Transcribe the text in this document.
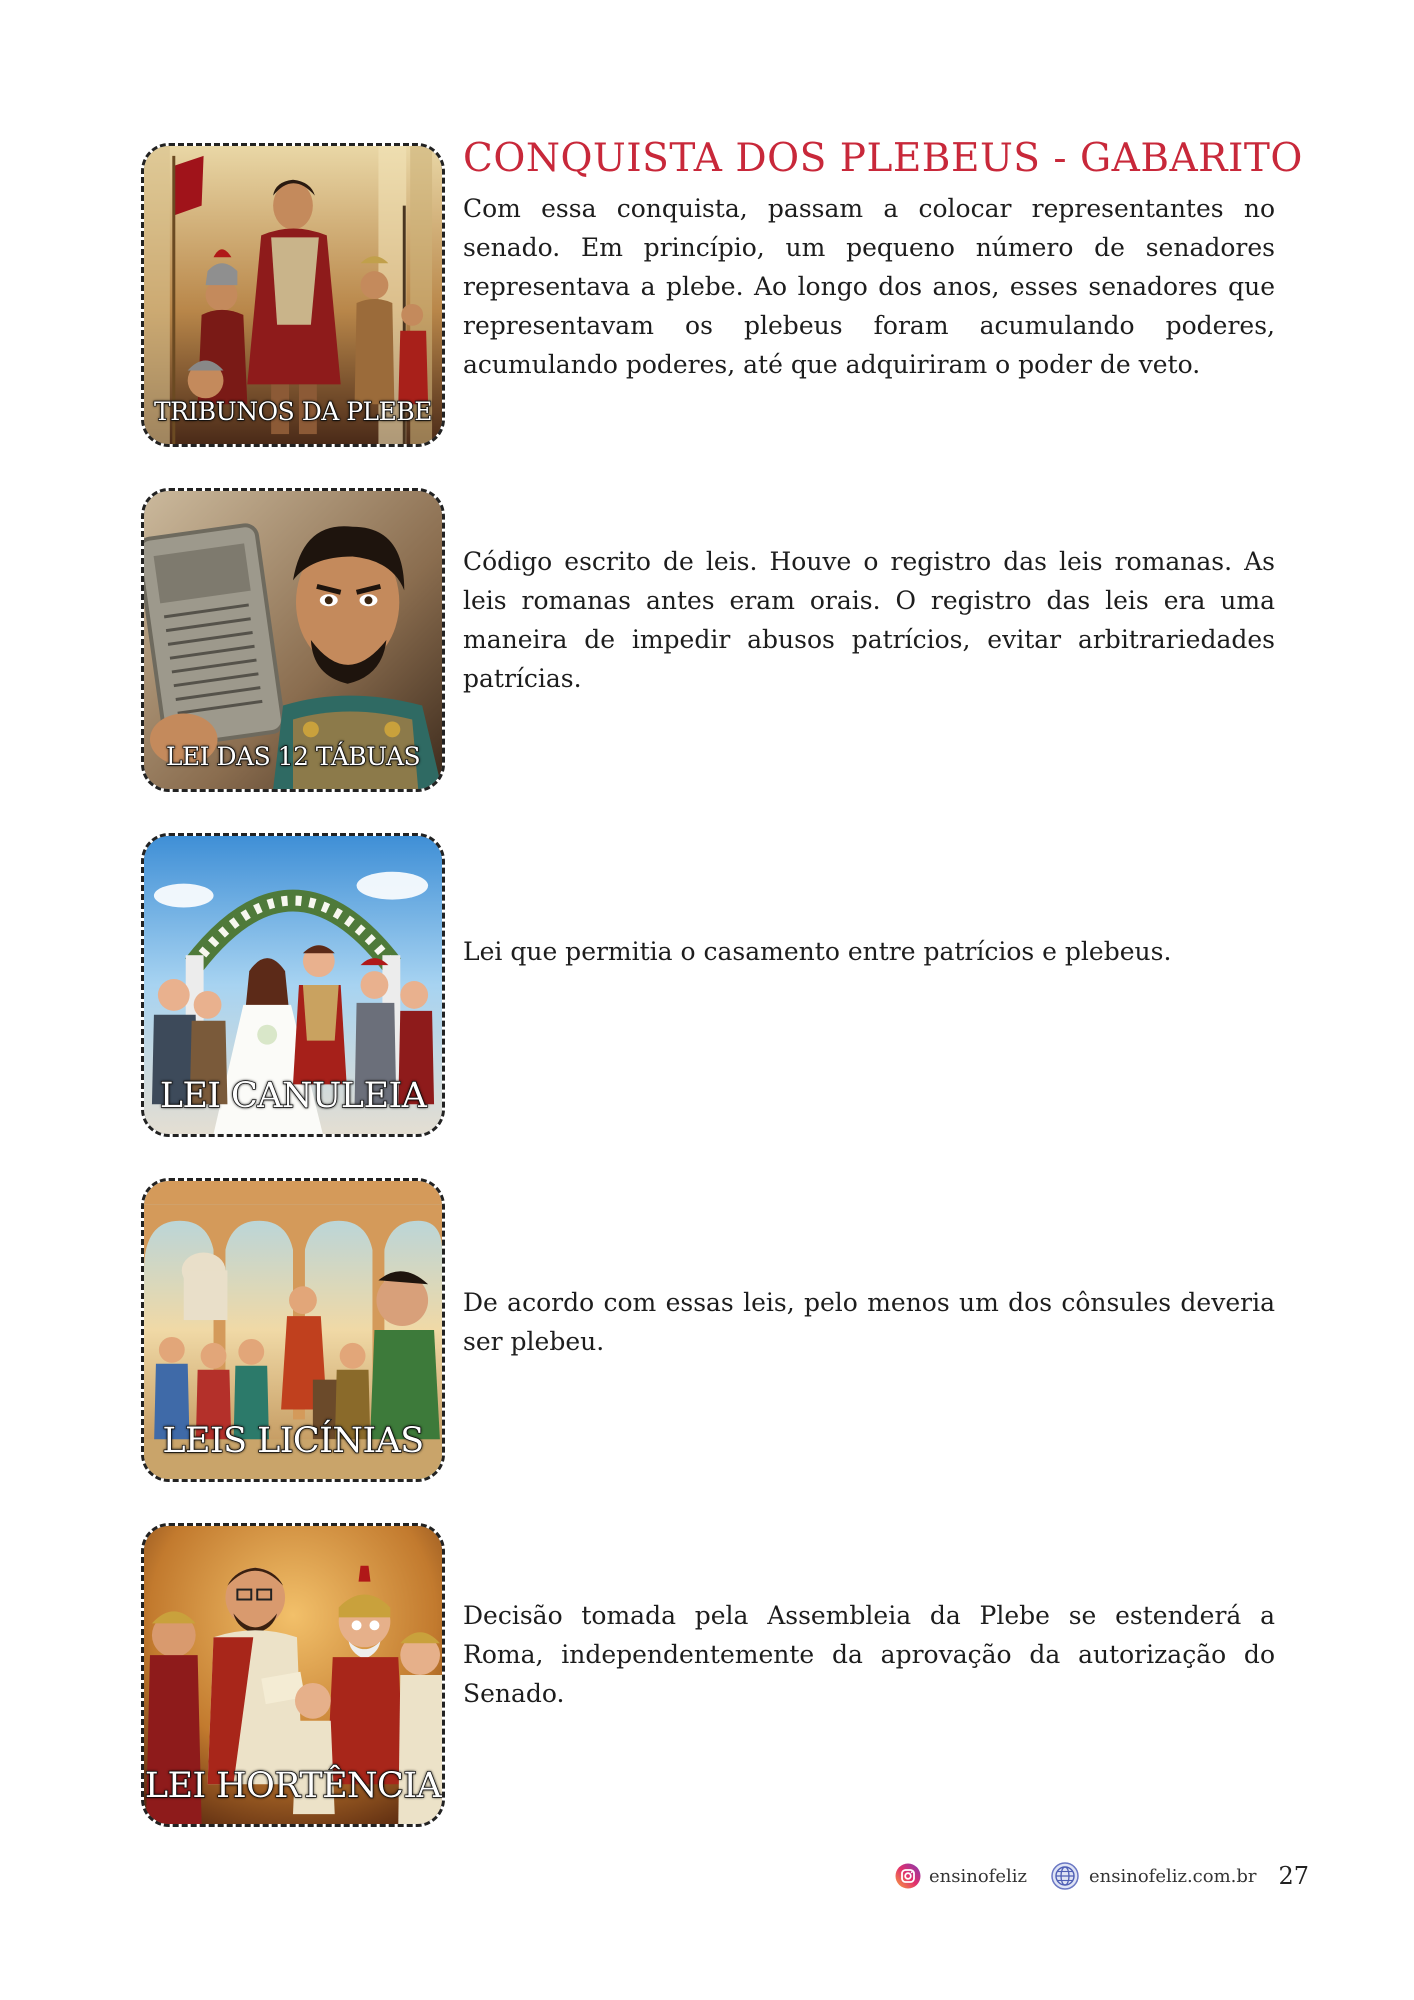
CONQUISTA DOS PLEBEUS - GABARITO
TRIBUNOS DA PLEBE
LEI DAS 12 TÁBUAS
LEI CANULEIA
LEIS LICÍNIAS
LEI HORTÊNCIA

Com essa conquista, passam a colocar representantes no senado. Em princípio, um pequeno número de senadores representava a plebe. Ao longo dos anos, esses senadores que representavam os plebeus foram acumulando poderes, acumulando poderes, até que adquiriram o poder de veto.

Código escrito de leis. Houve o registro das leis romanas. As leis romanas antes eram orais. O registro das leis era uma maneira de impedir abusos patrícios, evitar arbitrariedades patrícias.

Lei que permitia o casamento entre patrícios e plebeus.

De acordo com essas leis, pelo menos um dos cônsules deveria ser plebeu.

Decisão tomada pela Assembleia da Plebe se estenderá a Roma, independentemente da aprovação da autorização do Senado.

ensinofeliz	ensinofeliz.com.br 27
